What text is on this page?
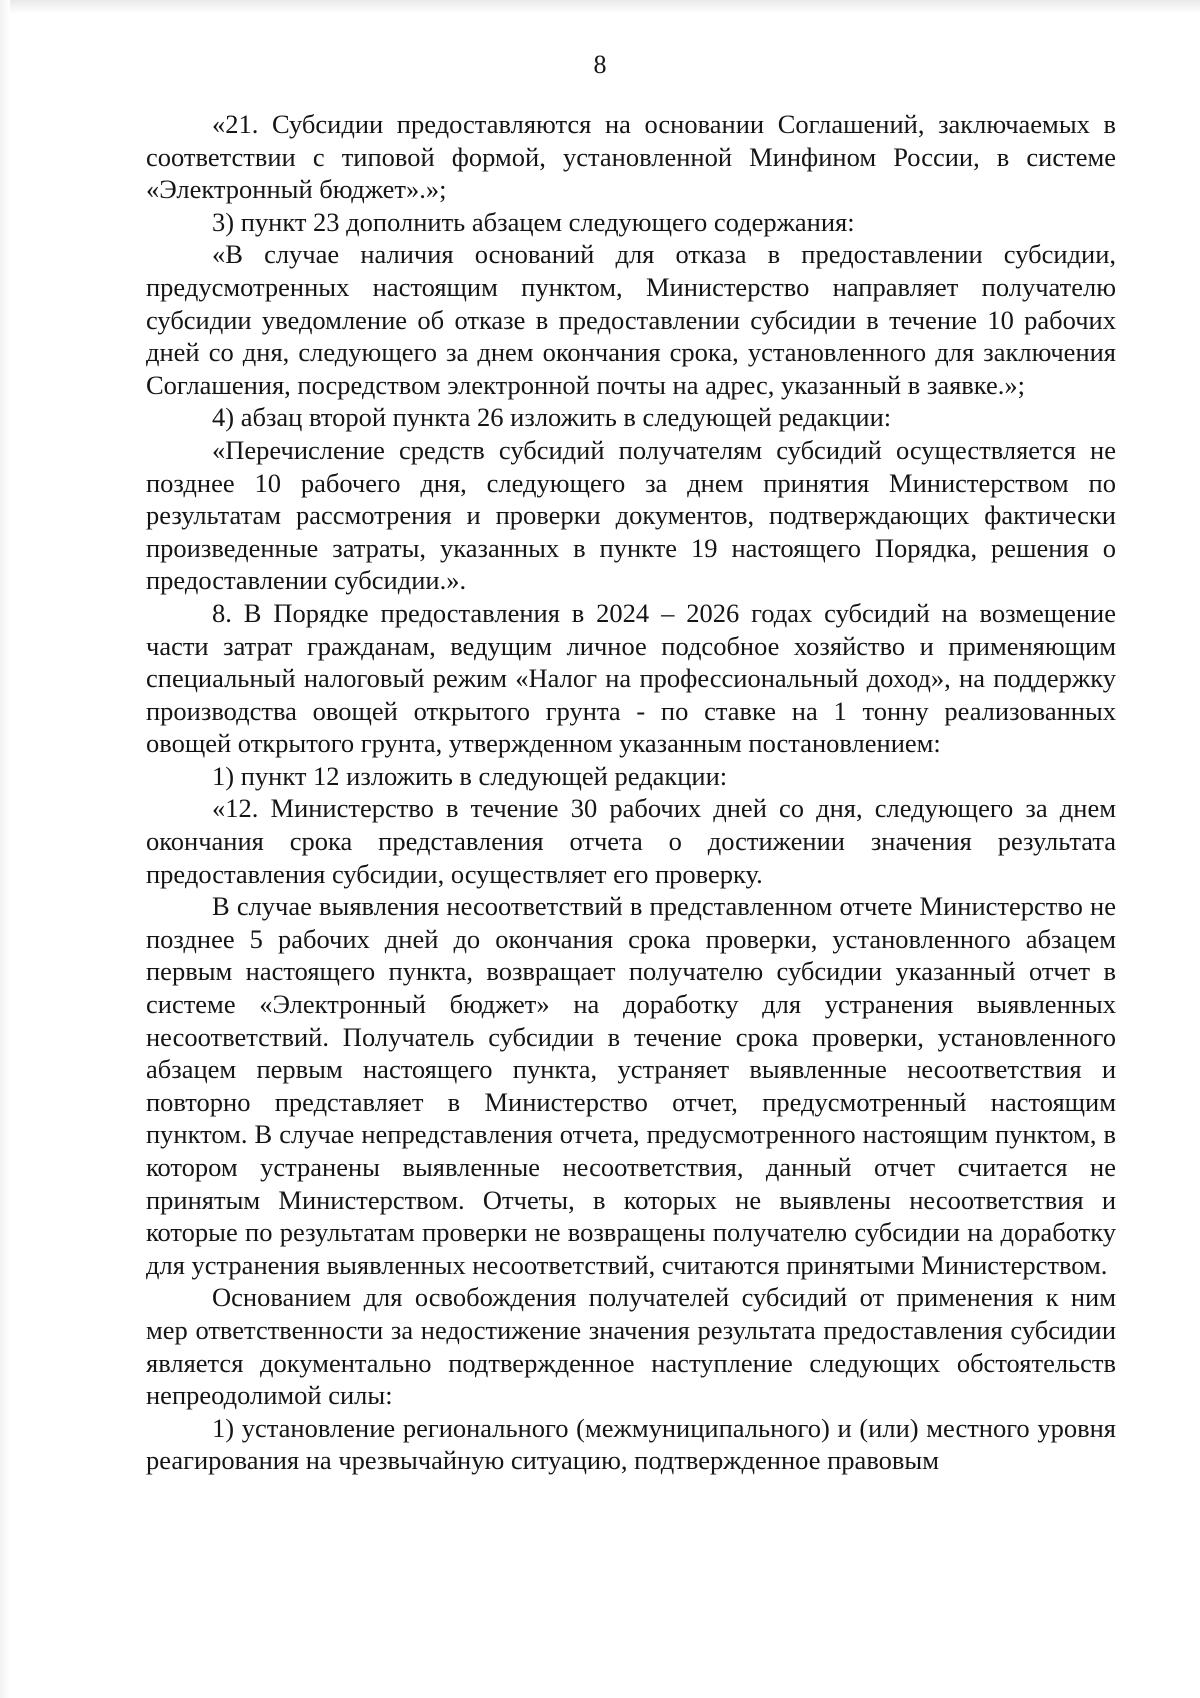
8

«21. Субсидии предоставляются на основании Соглашений, заключаемых в соответствии с типовой формой, установленной Минфином России, в системе «Электронный бюджет».»;

3) пункт 23 дополнить абзацем следующего содержания:

«В случае наличия оснований для отказа в предоставлении субсидии, предусмотренных настоящим пунктом, Министерство направляет получателю субсидии уведомление об отказе в предоставлении субсидии в течение 10 рабочих дней со дня, следующего за днем окончания срока, установленного для заключения Соглашения, посредством электронной почты на адрес, указанный в заявке.»;

4) абзац второй пункта 26 изложить в следующей редакции:

«Перечисление средств субсидий получателям субсидий осуществляется не позднее 10 рабочего дня, следующего за днем принятия Министерством по результатам рассмотрения и проверки документов, подтверждающих фактически произведенные затраты, указанных в пункте 19 настоящего Порядка, решения о предоставлении субсидии.».

8. В Порядке предоставления в 2024 – 2026 годах субсидий на возмещение части затрат гражданам, ведущим личное подсобное хозяйство и применяющим специальный налоговый режим «Налог на профессиональный доход», на поддержку производства овощей открытого грунта - по ставке на 1 тонну реализованных овощей открытого грунта, утвержденном указанным постановлением:

1) пункт 12 изложить в следующей редакции:

«12. Министерство в течение 30 рабочих дней со дня, следующего за днем окончания срока представления отчета о достижении значения результата предоставления субсидии, осуществляет его проверку.

В случае выявления несоответствий в представленном отчете Министерство не позднее 5 рабочих дней до окончания срока проверки, установленного абзацем первым настоящего пункта, возвращает получателю субсидии указанный отчет в системе «Электронный бюджет» на доработку для устранения выявленных несоответствий. Получатель субсидии в течение срока проверки, установленного абзацем первым настоящего пункта, устраняет выявленные несоответствия и повторно представляет в Министерство отчет, предусмотренный настоящим пунктом. В случае непредставления отчета, предусмотренного настоящим пунктом, в котором устранены выявленные несоответствия, данный отчет считается не принятым Министерством. Отчеты, в которых не выявлены несоответствия и которые по результатам проверки не возвращены получателю субсидии на доработку для устранения выявленных несоответствий, считаются принятыми Министерством.

Основанием для освобождения получателей субсидий от применения к ним мер ответственности за недостижение значения результата предоставления субсидии является документально подтвержденное наступление следующих обстоятельств непреодолимой силы:

1) установление регионального (межмуниципального) и (или) местного уровня реагирования на чрезвычайную ситуацию, подтвержденное правовым
